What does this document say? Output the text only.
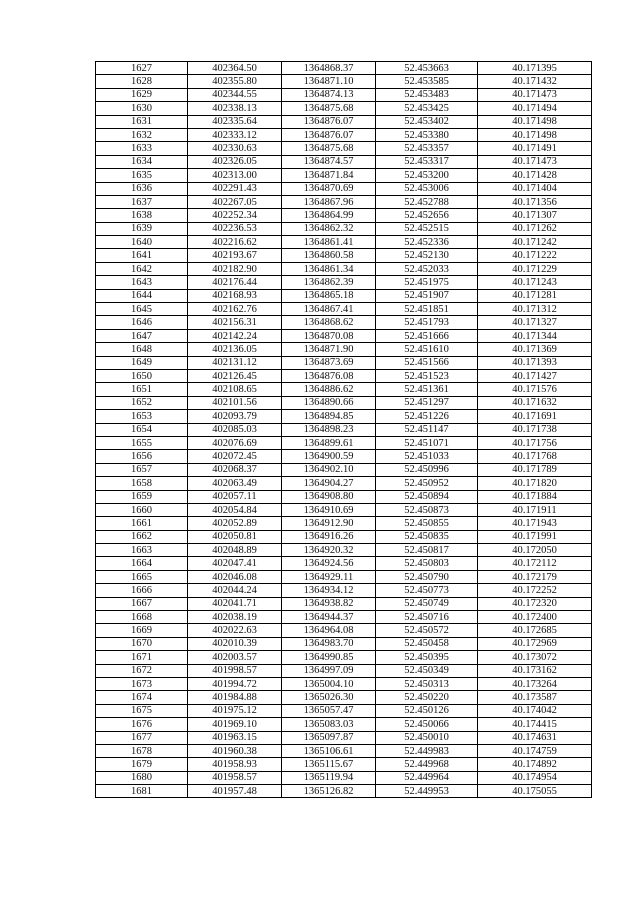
1627	402364.50	1364868.37	52.453663	40.171395
1628	402355.80	1364871.10	52.453585	40.171432
1629	402344.55	1364874.13	52.453483	40.171473
1630	402338.13	1364875.68	52.453425	40.171494
1631	402335.64	1364876.07	52.453402	40.171498
1632	402333.12	1364876.07	52.453380	40.171498
1633	402330.63	1364875.68	52.453357	40.171491
1634	402326.05	1364874.57	52.453317	40.171473
1635	402313.00	1364871.84	52.453200	40.171428
1636	402291.43	1364870.69	52.453006	40.171404
1637	402267.05	1364867.96	52.452788	40.171356
1638	402252.34	1364864.99	52.452656	40.171307
1639	402236.53	1364862.32	52.452515	40.171262
1640	402216.62	1364861.41	52.452336	40.171242
1641	402193.67	1364860.58	52.452130	40.171222
1642	402182.90	1364861.34	52.452033	40.171229
1643	402176.44	1364862.39	52.451975	40.171243
1644	402168.93	1364865.18	52.451907	40.171281
1645	402162.76	1364867.41	52.451851	40.171312
1646	402156.31	1364868.62	52.451793	40.171327
1647	402142.24	1364870.08	52.451666	40.171344
1648	402136.05	1364871.90	52.451610	40.171369
1649	402131.12	1364873.69	52.451566	40.171393
1650	402126.45	1364876.08	52.451523	40.171427
1651	402108.65	1364886.62	52.451361	40.171576
1652	402101.56	1364890.66	52.451297	40.171632
1653	402093.79	1364894.85	52.451226	40.171691
1654	402085.03	1364898.23	52.451147	40.171738
1655	402076.69	1364899.61	52.451071	40.171756
1656	402072.45	1364900.59	52.451033	40.171768
1657	402068.37	1364902.10	52.450996	40.171789
1658	402063.49	1364904.27	52.450952	40.171820
1659	402057.11	1364908.80	52.450894	40.171884
1660	402054.84	1364910.69	52.450873	40.171911
1661	402052.89	1364912.90	52.450855	40.171943
1662	402050.81	1364916.26	52.450835	40.171991
1663	402048.89	1364920.32	52.450817	40.172050
1664	402047.41	1364924.56	52.450803	40.172112
1665	402046.08	1364929.11	52.450790	40.172179
1666	402044.24	1364934.12	52.450773	40.172252
1667	402041.71	1364938.82	52.450749	40.172320
1668	402038.19	1364944.37	52.450716	40.172400
1669	402022.63	1364964.08	52.450572	40.172685
1670	402010.39	1364983.70	52.450458	40.172969
1671	402003.57	1364990.85	52.450395	40.173072
1672	401998.57	1364997.09	52.450349	40.173162
1673	401994.72	1365004.10	52.450313	40.173264
1674	401984.88	1365026.30	52.450220	40.173587
1675	401975.12	1365057.47	52.450126	40.174042
1676	401969.10	1365083.03	52.450066	40.174415
1677	401963.15	1365097.87	52.450010	40.174631
1678	401960.38	1365106.61	52.449983	40.174759
1679	401958.93	1365115.67	52.449968	40.174892
1680	401958.57	1365119.94	52.449964	40.174954
1681	401957.48	1365126.82	52.449953	40.175055
